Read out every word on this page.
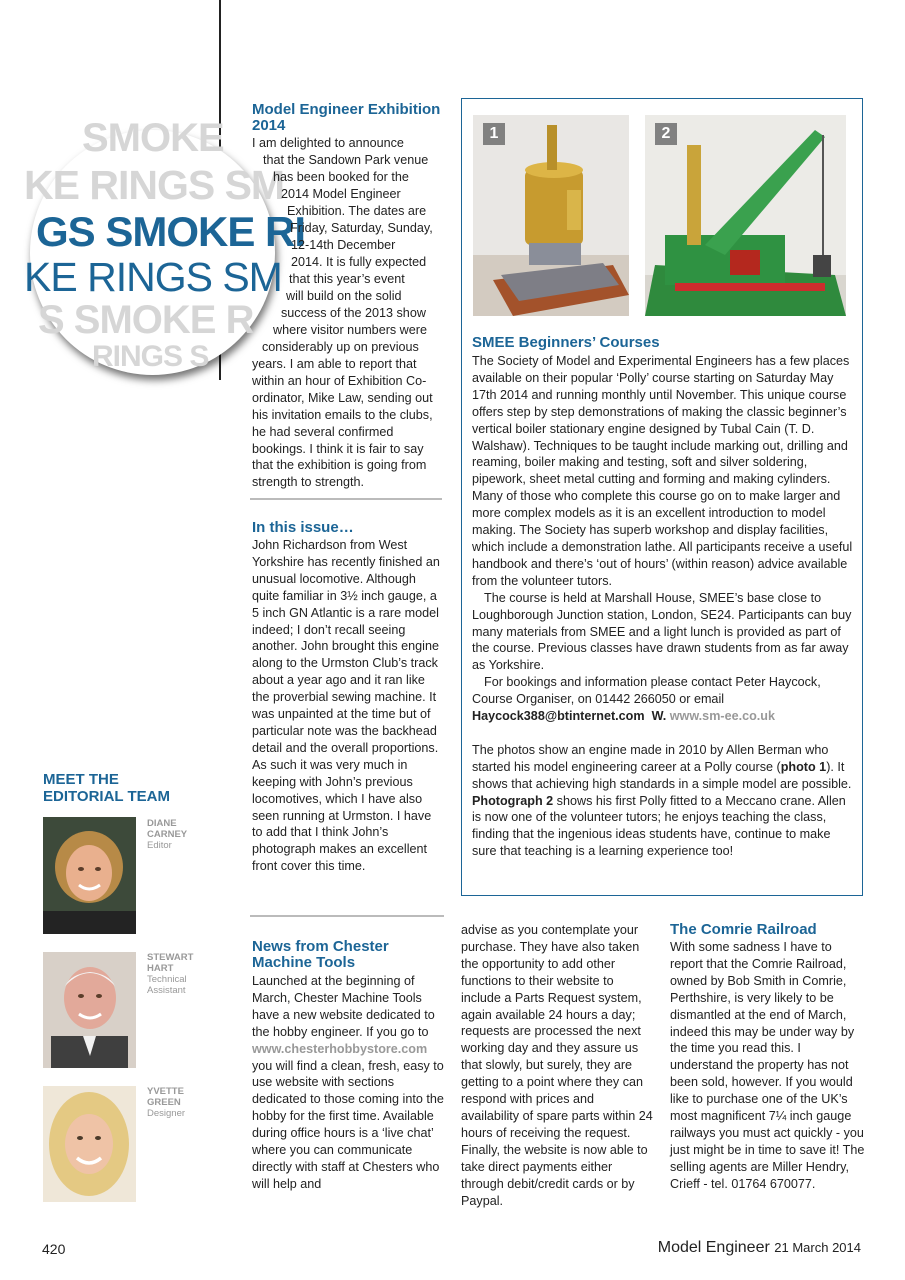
SMOKE
KE RINGS SM
GS SMOKE RI
KE RINGS SM
S SMOKE R
RINGS S
Model Engineer Exhibition 2014
I am delighted to announce
that the Sandown Park venue
has been booked for the
2014 Model Engineer
Exhibition. The dates are
Friday, Saturday, Sunday,
12-14th December
2014. It is fully expected
that this year’s event
will build on the solid
success of the 2013 show
where visitor numbers were
considerably up on previous
years. I am able to report that within an hour of Exhibition Co-ordinator, Mike Law, sending out his invitation emails to the clubs, he had several confirmed bookings. I think it is fair to say that the exhibition is going from strength to strength.
In this issue…
John Richardson from West Yorkshire has recently finished an unusual locomotive. Although quite familiar in 3½ inch gauge, a 5 inch GN Atlantic is a rare model indeed; I don’t recall seeing another. John brought this engine along to the Urmston Club’s track about a year ago and it ran like the proverbial sewing machine. It was unpainted at the time but of particular note was the backhead detail and the overall proportions. As such it was very much in keeping with John’s previous locomotives, which I have also seen running at Urmston. I have to add that I think John’s photograph makes an excellent front cover this time.
MEET THE EDITORIAL TEAM
DIANE
CARNEY
Editor
STEWART
HART
Technical Assistant
YVETTE
GREEN
Designer
1	2
SMEE Beginners’ Courses

The Society of Model and Experimental Engineers has a few places available on their popular ‘Polly’ course starting on Saturday May 17th 2014 and running monthly until November. This unique course offers step by step demonstrations of making the classic beginner’s vertical boiler stationary engine designed by Tubal Cain (T. D. Walshaw). Techniques to be taught include marking out, drilling and reaming, boiler making and testing, soft and silver soldering, pipework, sheet metal cutting and forming and making cylinders. Many of those who complete this course go on to make larger and more complex models as it is an excellent introduction to model making. The Society has superb workshop and display facilities, which include a demonstration lathe. All participants receive a useful handbook and there’s ‘out of hours’ (within reason) advice available from the volunteer tutors.

The course is held at Marshall House, SMEE’s base close to Loughborough Junction station, London, SE24. Participants can buy many materials from SMEE and a light lunch is provided as part of the course. Previous classes have drawn students from as far away as Yorkshire.

For bookings and information please contact Peter Haycock, Course Organiser, on 01442 266050 or email

Haycock388@btinternet.com W. www.sm-ee.co.uk

The photos show an engine made in 2010 by Allen Berman who started his model engineering career at a Polly course (photo 1). It shows that achieving high standards in a simple model are possible. Photograph 2 shows his first Polly fitted to a Meccano crane. Allen is now one of the volunteer tutors; he enjoys teaching the class, finding that the ingenious ideas students have, continue to make sure that teaching is a learning experience too!

News from Chester Machine Tools
Launched at the beginning of March, Chester Machine Tools have a new website dedicated to the hobby engineer. If you go to www.chesterhobbystore.com you will find a clean, fresh, easy to use website with sections dedicated to those coming into the hobby for the first time. Available during office hours is a ‘live chat’ where you can communicate directly with staff at Chesters who will help and
advise as you contemplate your purchase. They have also taken the opportunity to add other functions to their website to include a Parts Request system, again available 24 hours a day; requests are processed the next working day and they assure us that slowly, but surely, they are getting to a point where they can respond with prices and availability of spare parts within 24 hours of receiving the request. Finally, the website is now able to take direct payments either through debit/credit cards or by Paypal.
The Comrie Railroad
With some sadness I have to report that the Comrie Railroad, owned by Bob Smith in Comrie, Perthshire, is very likely to be dismantled at the end of March, indeed this may be under way by the time you read this. I understand the property has not been sold, however. If you would like to purchase one of the UK’s most magnificent 7¼ inch gauge railways you must act quickly - you just might be in time to save it! The selling agents are Miller Hendry, Crieff - tel. 01764 670077.
420	Model Engineer 21 March 2014
